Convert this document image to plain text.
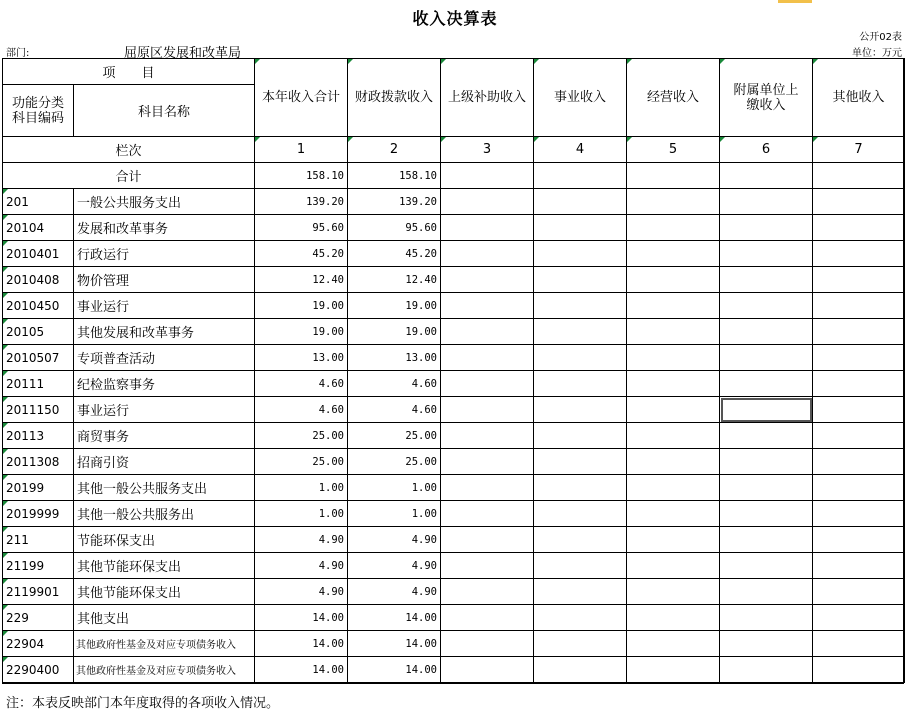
收入决算表
公开02表
部门:	屈原区发展和改革局	单位：万元
项　　目		本年收入合计	财政拨款收入	上级补助收入	事业收入	经营收入	附属单位上缴收入	其他收入
功能分类科目编码	科目名称							
栏次		1	2	3	4	5	6	7
合计		158.10	158.10					
201	一般公共服务支出	139.20	139.20					
20104	发展和改革事务	95.60	95.60					
2010401	行政运行	45.20	45.20					
2010408	物价管理	12.40	12.40					
2010450	事业运行	19.00	19.00					
20105	其他发展和改革事务	19.00	19.00					
2010507	专项普查活动	13.00	13.00					
20111	纪检监察事务	4.60	4.60					
2011150	事业运行	4.60	4.60					
20113	商贸事务	25.00	25.00					
2011308	招商引资	25.00	25.00					
20199	其他一般公共服务支出	1.00	1.00					
2019999	其他一般公共服务出	1.00	1.00					
211	节能环保支出	4.90	4.90					
21199	其他节能环保支出	4.90	4.90					
2119901	其他节能环保支出	4.90	4.90					
229	其他支出	14.00	14.00					
22904	其他政府性基金及对应专项债务收入	14.00	14.00					
2290400	其他政府性基金及对应专项债务收入	14.00	14.00					
注：本表反映部门本年度取得的各项收入情况。
